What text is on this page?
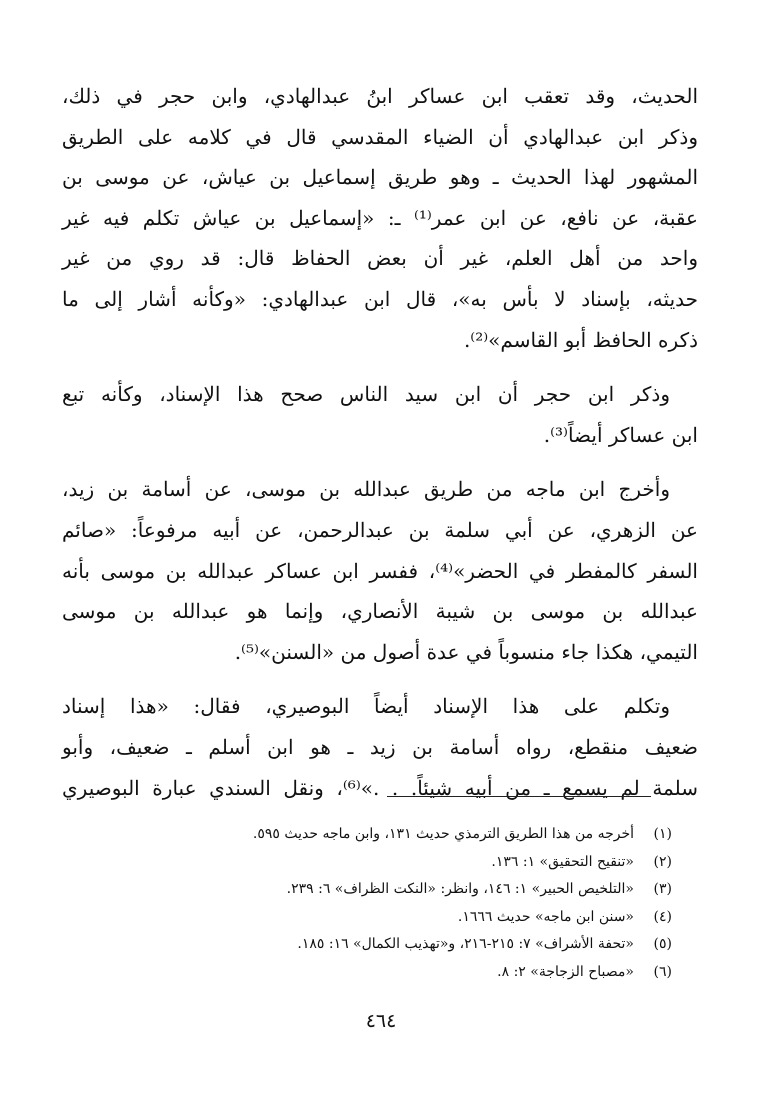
الحديث، وقد تعقب ابن عساكر ابنُ عبدالهادي، وابن حجر في ذلك،
وذكر ابن عبدالهادي أن الضياء المقدسي قال في كلامه على الطريق
المشهور لهذا الحديث ـ وهو طريق إسماعيل بن عياش، عن موسى بن
عقبة، عن نافع، عن ابن عمر⁽¹⁾ ـ: «إسماعيل بن عياش تكلم فيه غير
واحد من أهل العلم، غير أن بعض الحفاظ قال: قد روي من غير
حديثه، بإسناد لا بأس به»، قال ابن عبدالهادي: «وكأنه أشار إلى ما
ذكره الحافظ أبو القاسم»⁽²⁾.

وذكر ابن حجر أن ابن سيد الناس صحح هذا الإسناد، وكأنه تبع
ابن عساكر أيضاً⁽³⁾.

وأخرج ابن ماجه من طريق عبدالله بن موسى، عن أسامة بن زيد،
عن الزهري، عن أبي سلمة بن عبدالرحمن، عن أبيه مرفوعاً: «صائم
السفر كالمفطر في الحضر»⁽⁴⁾، ففسر ابن عساكر عبدالله بن موسى بأنه
عبدالله بن موسى بن شيبة الأنصاري، وإنما هو عبدالله بن موسى
التيمي، هكذا جاء منسوباً في عدة أصول من «السنن»⁽⁵⁾.

وتكلم على هذا الإسناد أيضاً البوصيري، فقال: «هذا إسناد
ضعيف منقطع، رواه أسامة بن زيد ـ هو ابن أسلم ـ ضعيف، وأبو
سلمة لم يسمع ـ من أبيه شيئاً. . .»⁽⁶⁾، ونقل السندي عبارة البوصيري

(١)
أخرجه من هذا الطريق الترمذي حديث ١٣١، وابن ماجه حديث ٥٩٥.
(٢)
«تنقيح التحقيق» ١: ١٣٦.
(٣)
«التلخيص الحبير» ١: ١٤٦، وانظر: «النكت الظراف» ٦: ٢٣٩.
(٤)
«سنن ابن ماجه» حديث ١٦٦٦.
(٥)
«تحفة الأشراف» ٧: ٢١٥-٢١٦، و«تهذيب الكمال» ١٦: ١٨٥.
(٦)
«مصباح الزجاجة» ٢: ٨.
٤٦٤
